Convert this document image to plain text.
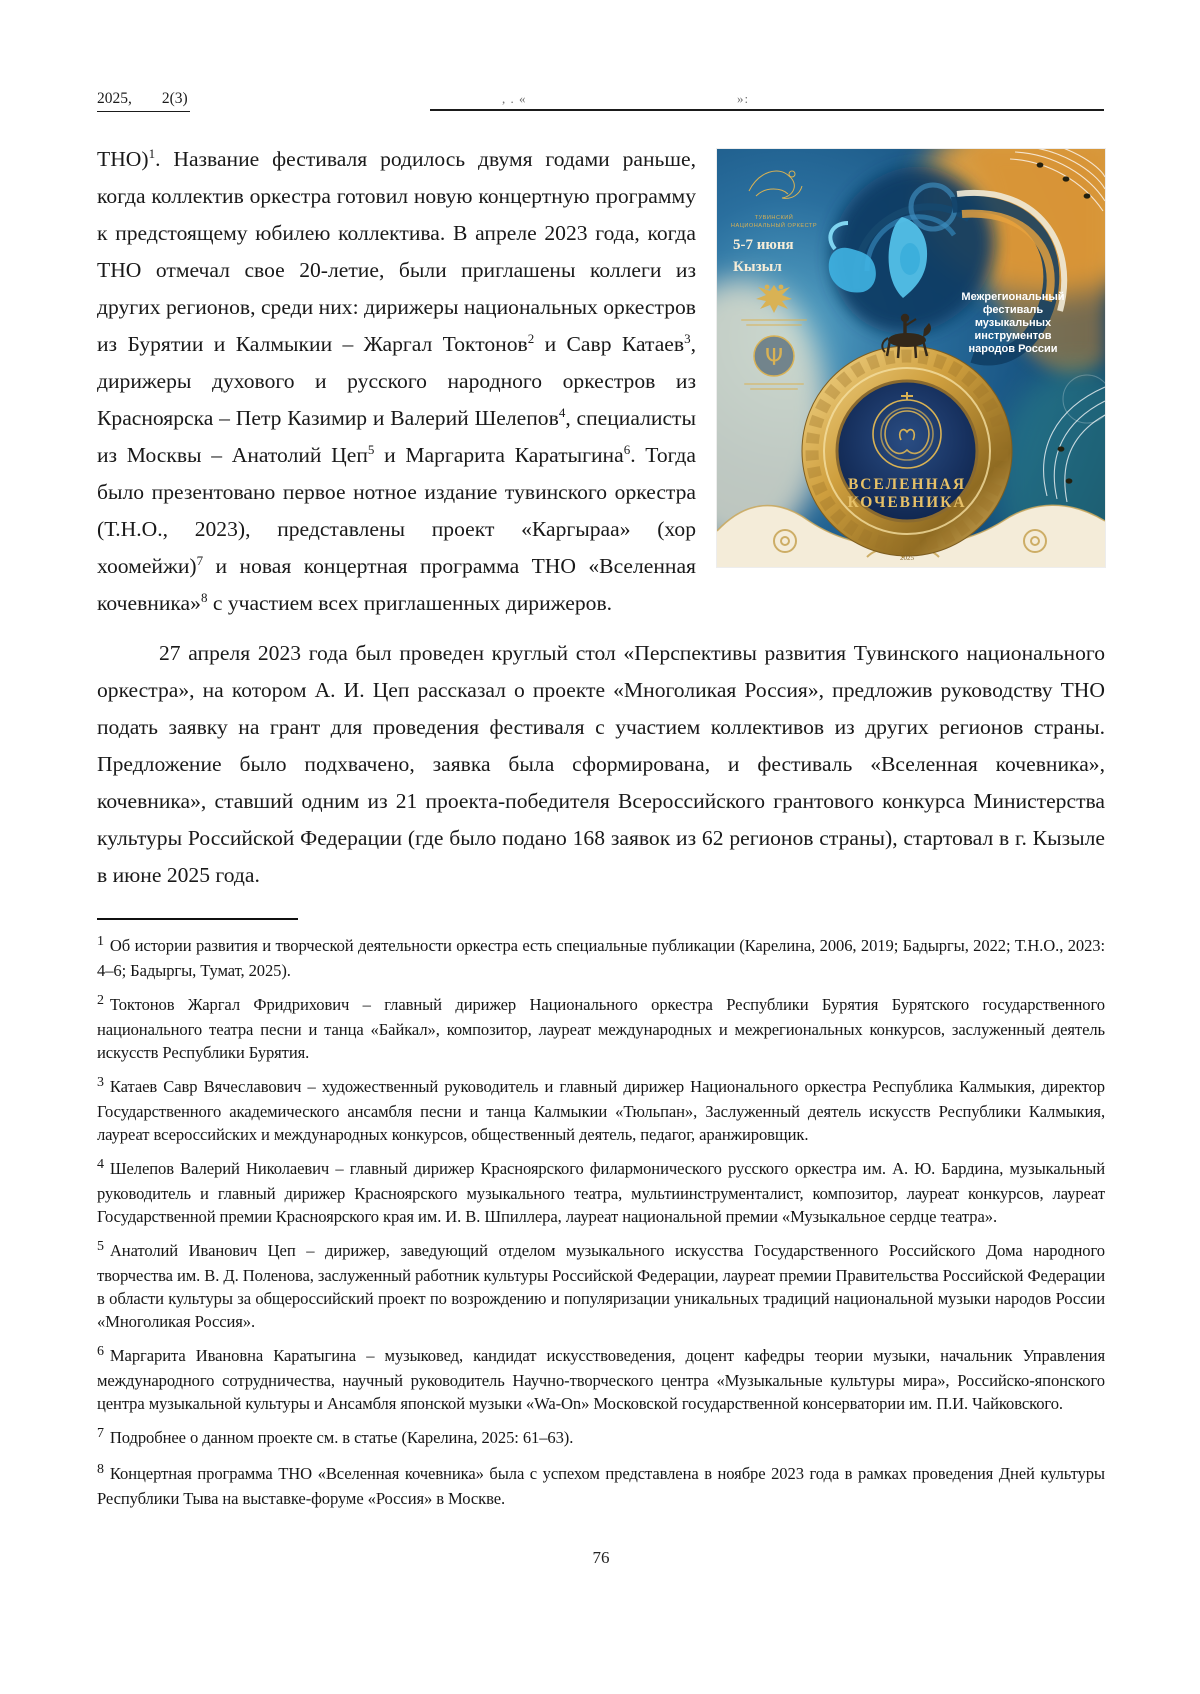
2025, 2(3)	, . «	»:
ТНО)$^1$. Название фестиваля родилось двумя годами раньше, когда коллектив оркестра готовил новую концертную программу к предстоящему юбилею коллектива. В апреле 2023 года, когда ТНО отмечал свое 20-летие, были приглашены коллеги из других регионов, среди них: дирижеры национальных оркестров из Бурятии и Калмыкии – Жаргал Токтонов$^2$ и Савр Катаев$^3$, дирижеры духового и русского народного оркестров из Красноярска – Петр Казимир и Валерий Шелепов$^4$, специалисты из Москвы – Анатолий Цеп$^5$ и Маргарита Каратыгина$^6$. Тогда было презентовано первое нотное издание тувинского оркестра (Т.Н.О., 2023), представлены проект «Каргыраа» (хор хоомейжи)$^7$ и новая концертная программа ТНО «Вселенная кочевника»$^8$ с участием всех приглашенных дирижеров.
ВСЕЛЕННАЯ
КОЧЕВНИКА
ТУВИНСКИЙ
НАЦИОНАЛЬНЫЙ ОРКЕСТР
5-7 июня
Кызыл
Ψ
Межрегиональный
фестиваль
музыкальных
инструментов
народов России
2025
27 апреля 2023 года был проведен круглый стол «Перспективы развития Тувинского национального оркестра», на котором А. И. Цеп рассказал о проекте «Многоликая Россия», предложив руководству ТНО подать заявку на грант для проведения фестиваля с участием коллективов из других регионов страны. Предложение было подхвачено, заявка была сформирована, и фестиваль «Вселенная кочевника», кочевника», ставший одним из 21 проекта-победителя Всероссийского грантового конкурса Министерства культуры Российской Федерации (где было подано 168 заявок из 62 регионов страны), стартовал в г. Кызыле в июне 2025 года.
1 Об истории развития и творческой деятельности оркестра есть специальные публикации (Карелина, 2006, 2019; Бадыргы, 2022; Т.Н.О., 2023: 4–6; Бадыргы, Тумат, 2025).
2 Токтонов Жаргал Фридрихович – главный дирижер Национального оркестра Республики Бурятия Бурятского государственного национального театра песни и танца «Байкал», композитор, лауреат международных и межрегиональных конкурсов, заслуженный деятель искусств Республики Бурятия.
3 Катаев Савр Вячеславович – художественный руководитель и главный дирижер Национального оркестра Республика Калмыкия, директор Государственного академического ансамбля песни и танца Калмыкии «Тюльпан», Заслуженный деятель искусств Республики Калмыкия, лауреат всероссийских и международных конкурсов, общественный деятель, педагог, аранжировщик.
4 Шелепов Валерий Николаевич – главный дирижер Красноярского филармонического русского оркестра им. А. Ю. Бардина, музыкальный руководитель и главный дирижер Красноярского музыкального театра, мультиинструменталист, композитор, лауреат конкурсов, лауреат Государственной премии Красноярского края им. И. В. Шпиллера, лауреат национальной премии «Музыкальное сердце театра».
5 Анатолий Иванович Цеп – дирижер, заведующий отделом музыкального искусства Государственного Российского Дома народного творчества им. В. Д. Поленова, заслуженный работник культуры Российской Федерации, лауреат премии Правительства Российской Федерации в области культуры за общероссийский проект по возрождению и популяризации уникальных традиций национальной музыки народов России «Многоликая Россия».
6 Маргарита Ивановна Каратыгина – музыковед, кандидат искусствоведения, доцент кафедры теории музыки, начальник Управления международного сотрудничества, научный руководитель Научно-творческого центра «Музыкальные культуры мира», Российско-японского центра музыкальной культуры и Ансамбля японской музыки «Wa-On» Московской государственной консерватории им. П.И. Чайковского.
7 Подробнее о данном проекте см. в статье (Карелина, 2025: 61–63).
8 Концертная программа ТНО «Вселенная кочевника» была с успехом представлена в ноябре 2023 года в рамках проведения Дней культуры Республики Тыва на выставке-форуме «Россия» в Москве.
76
